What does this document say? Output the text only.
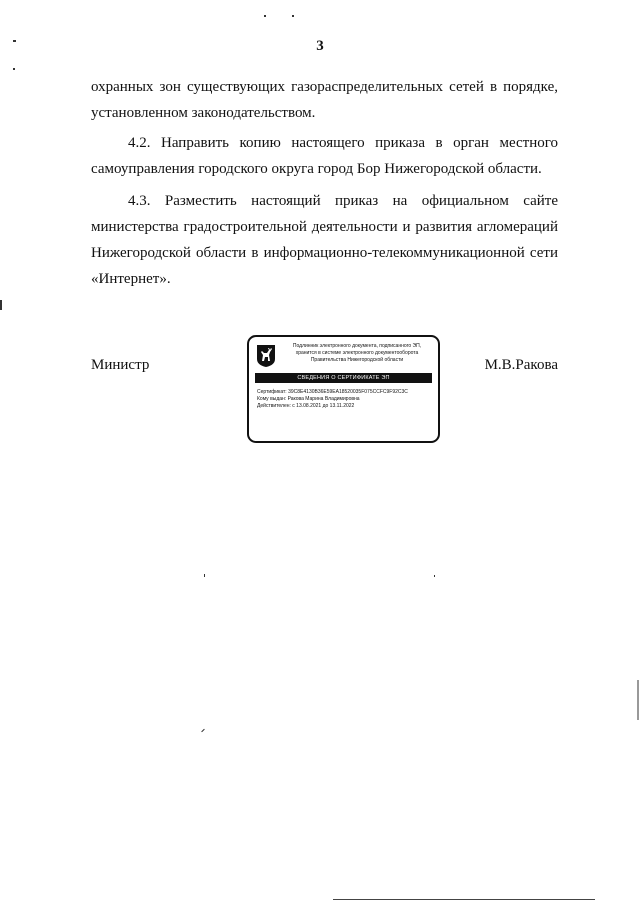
3
охранных зон существующих газораспределительных сетей в порядке,
установленном законодательством.
4.2. Направить копию настоящего приказа в орган местного
самоуправления городского округа город Бор Нижегородской области.
4.3. Разместить настоящий приказ на официальном сайте
министерства градостроительной деятельности и развития агломераций
Нижегородской области в информационно-телекоммуникационной сети
«Интернет».
Министр
Подлинник электронного документа, подписанного ЭП,
хранится в системе электронного документооборота
Правительства Нижегородской области
СВЕДЕНИЯ О СЕРТИФИКАТЕ ЭП
Сертификат: 39C8E4130B36E59EA18520035F075CCFC9F92C3C
Кому выдан: Ракова Марина Владимировна
Действителен: с 13.08.2021 до 13.11.2022
М.В.Ракова
